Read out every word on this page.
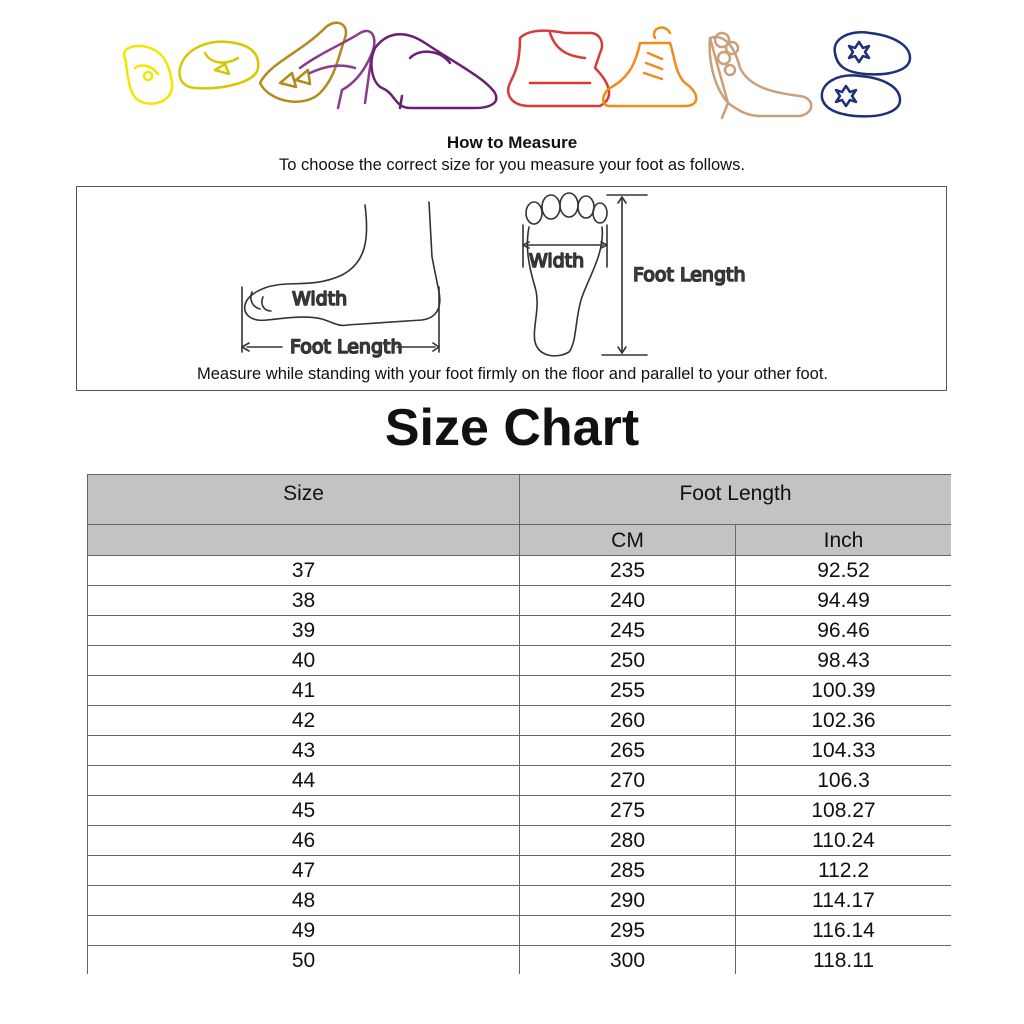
How to Measure
To choose the correct size for you measure your foot as follows.
Width
Foot Length
Width
Foot Length
Measure while standing with your foot firmly on the floor and parallel to your other foot.
Size Chart
Size	Foot Length	
	CM	Inch
37	235	92.52
38	240	94.49
39	245	96.46
40	250	98.43
41	255	100.39
42	260	102.36
43	265	104.33
44	270	106.3
45	275	108.27
46	280	110.24
47	285	112.2
48	290	114.17
49	295	116.14
50	300	118.11
